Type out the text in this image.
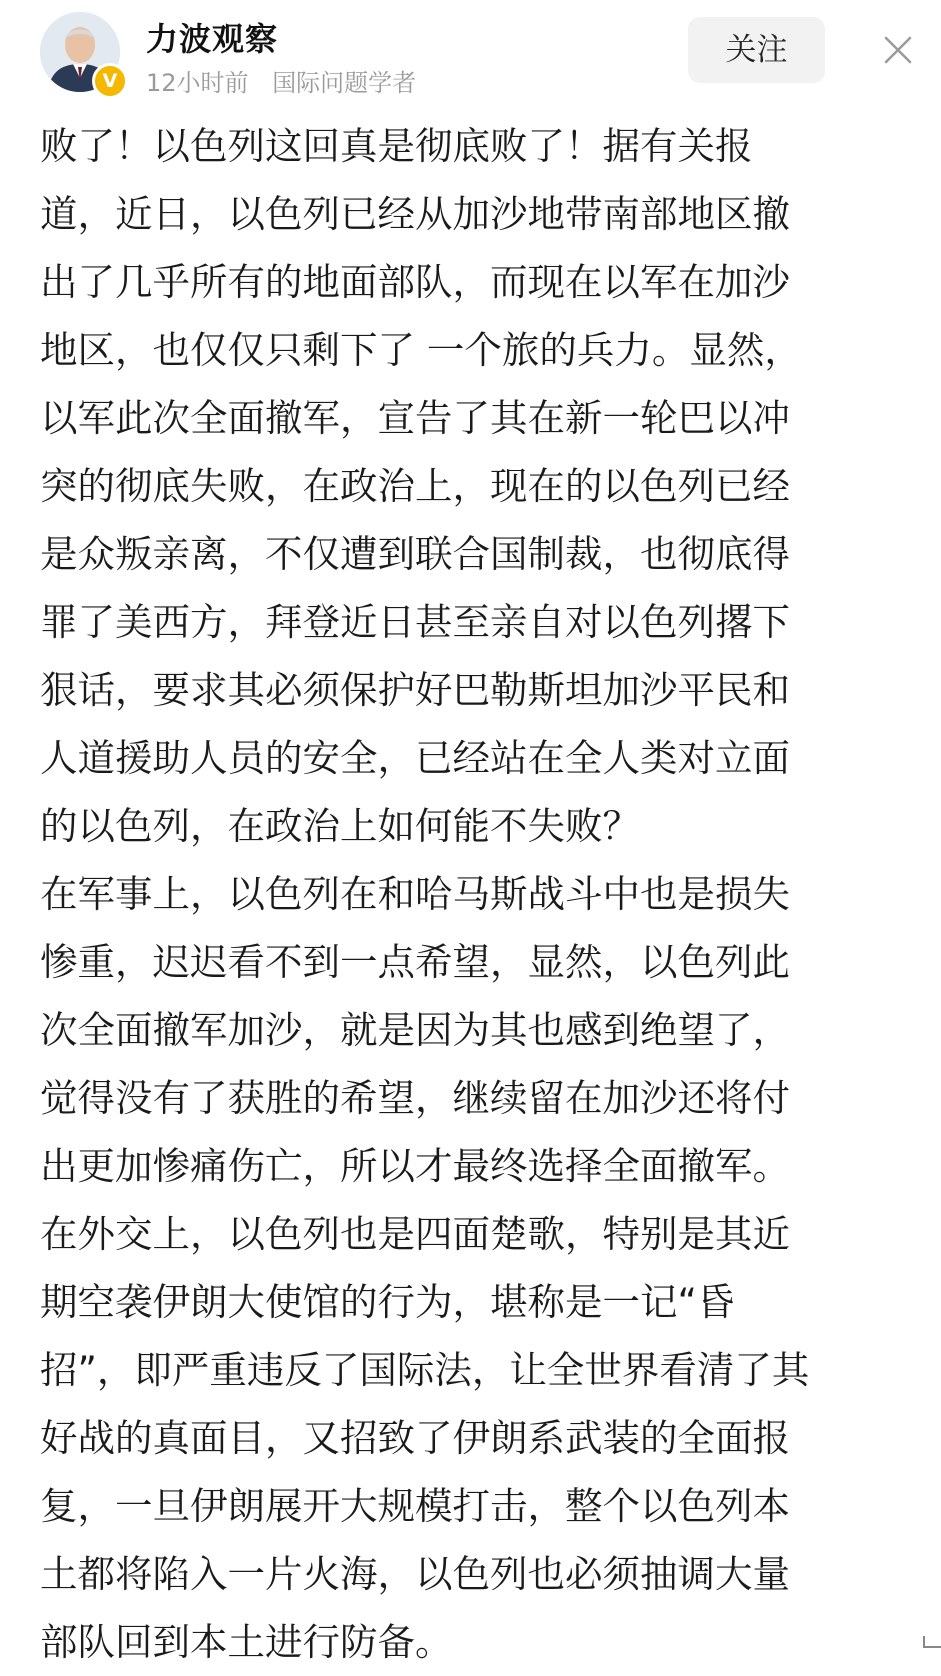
V
力波观察
12小时前 国际问题学者
关注
败了！以色列这回真是彻底败了！据有关报
道，近日，以色列已经从加沙地带南部地区撤
出了几乎所有的地面部队，而现在以军在加沙
地区，也仅仅只剩下了 一个旅的兵力。显然，
以军此次全面撤军，宣告了其在新一轮巴以冲
突的彻底失败，在政治上，现在的以色列已经
是众叛亲离，不仅遭到联合国制裁，也彻底得
罪了美西方，拜登近日甚至亲自对以色列撂下
狠话，要求其必须保护好巴勒斯坦加沙平民和
人道援助人员的安全，已经站在全人类对立面
的以色列，在政治上如何能不失败？
在军事上，以色列在和哈马斯战斗中也是损失
惨重，迟迟看不到一点希望，显然，以色列此
次全面撤军加沙，就是因为其也感到绝望了，
觉得没有了获胜的希望，继续留在加沙还将付
出更加惨痛伤亡，所以才最终选择全面撤军。
在外交上，以色列也是四面楚歌，特别是其近
期空袭伊朗大使馆的行为，堪称是一记“昏
招”，即严重违反了国际法，让全世界看清了其
好战的真面目，又招致了伊朗系武装的全面报
复，一旦伊朗展开大规模打击，整个以色列本
土都将陷入一片火海，以色列也必须抽调大量
部队回到本土进行防备。
